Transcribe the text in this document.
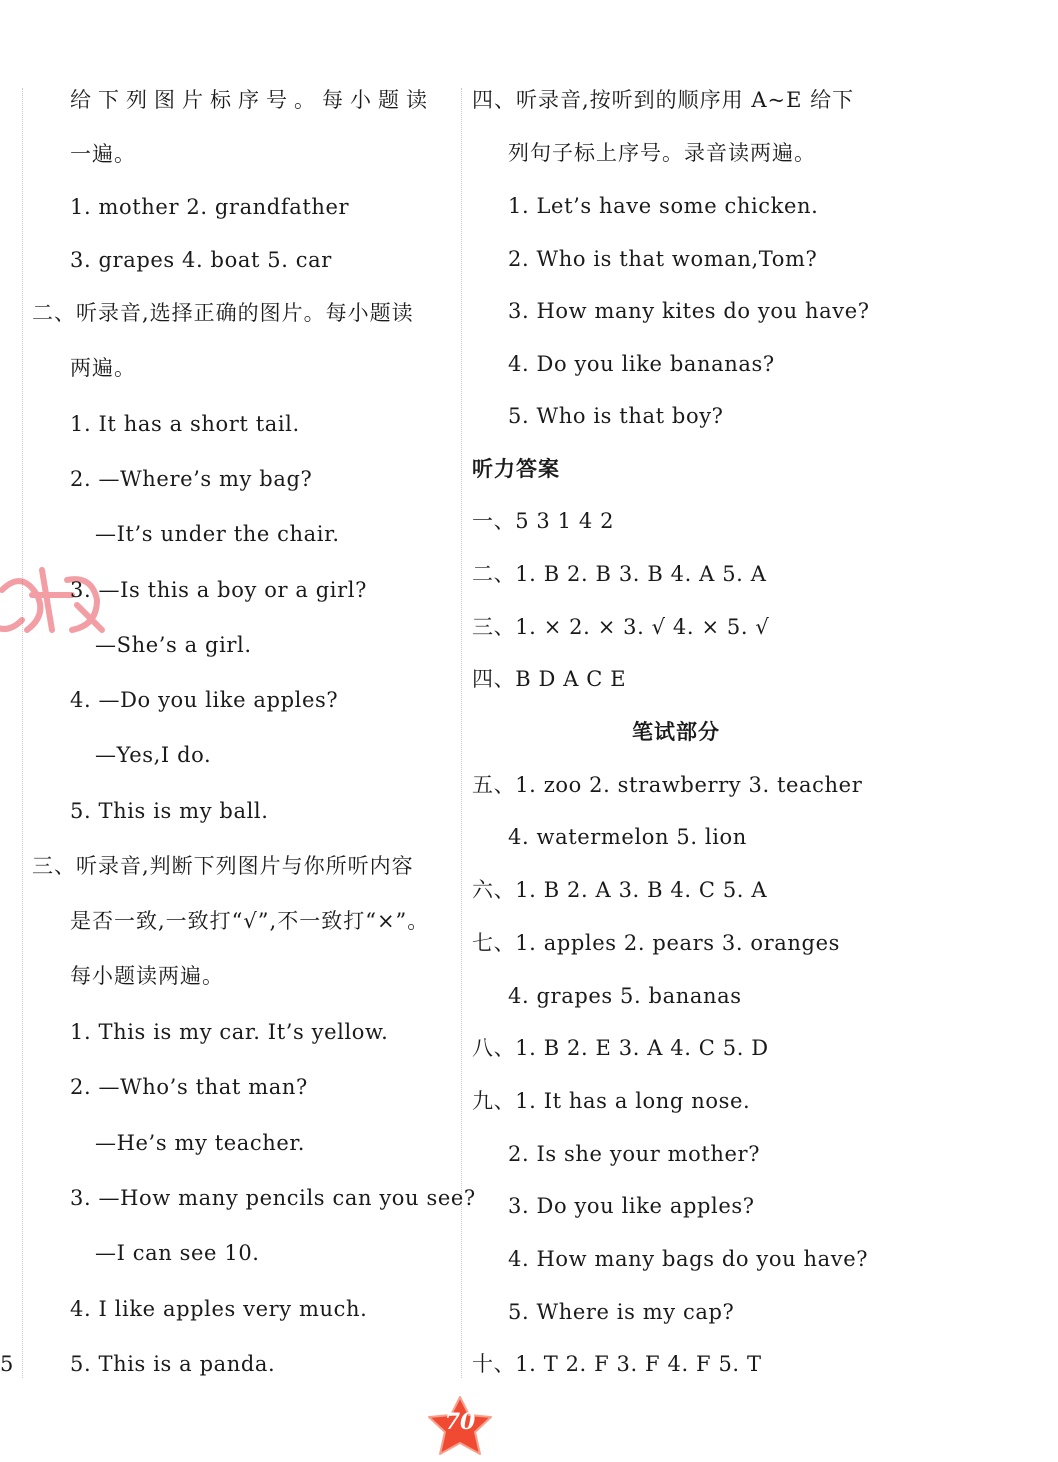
给下列图片标序号。每小题读
一遍。
1. mother 2. grandfather
3. grapes 4. boat 5. car
二、听录音,选择正确的图片。每小题读
两遍。
1. It has a short tail.
2. —Where’s my bag?
—It’s under the chair.
3. —Is this a boy or a girl?
—She’s a girl.
4. —Do you like apples?
—Yes,I do.
5. This is my ball.
三、听录音,判断下列图片与你所听内容
是否一致,一致打“√”,不一致打“×”。
每小题读两遍。
1. This is my car. It’s yellow.
2. —Who’s that man?
—He’s my teacher.
3. —How many pencils can you see?
—I can see 10.
4. I like apples very much.
5. This is a panda.
四、听录音,按听到的顺序用 A~E 给下
列句子标上序号。录音读两遍。
1. Let’s have some chicken.
2. Who is that woman,Tom?
3. How many kites do you have?
4. Do you like bananas?
5. Who is that boy?
听力答案
一、5 3 1 4 2
二、1. B 2. B 3. B 4. A 5. A
三、1. × 2. × 3. √ 4. × 5. √
四、B D A C E
笔试部分
五、1. zoo 2. strawberry 3. teacher
4. watermelon 5. lion
六、1. B 2. A 3. B 4. C 5. A
七、1. apples 2. pears 3. oranges
4. grapes 5. bananas
八、1. B 2. E 3. A 4. C 5. D
九、1. It has a long nose.
2. Is she your mother?
3. Do you like apples?
4. How many bags do you have?
5. Where is my cap?
十、1. T 2. F 3. F 4. F 5. T
5
70
